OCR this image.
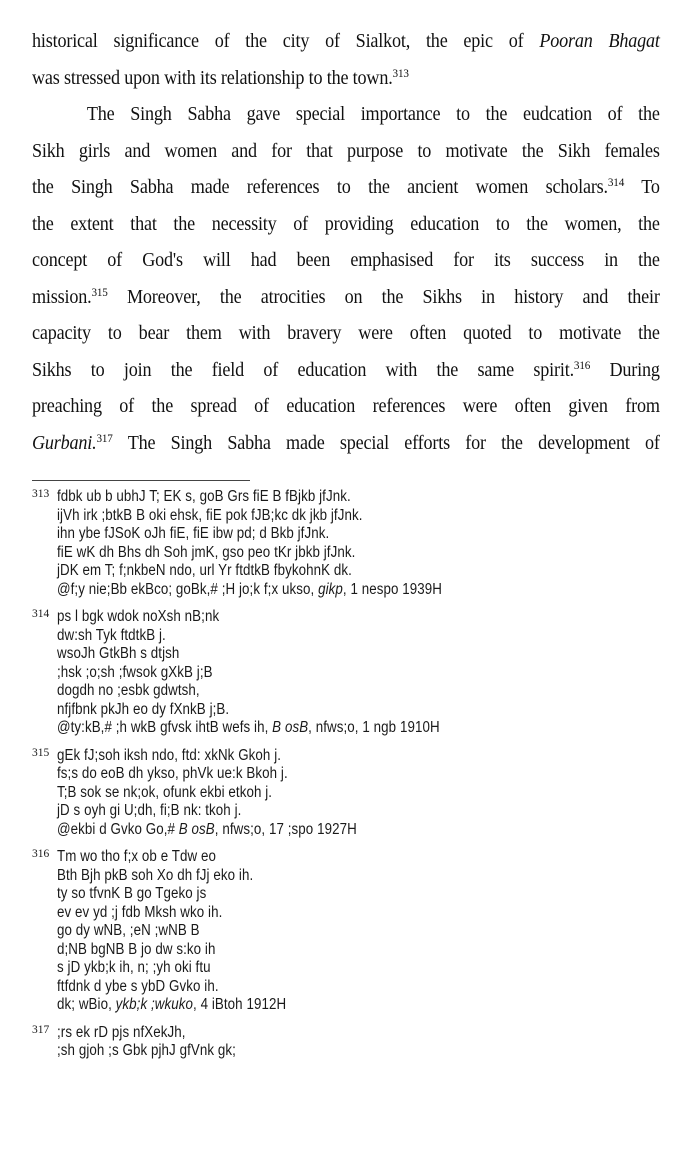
historical significance of the city of Sialkot, the epic of Pooran Bhagat
was stressed upon with its relationship to the town.$^{313}$
The Singh Sabha gave special importance to the eudcation of the
Sikh girls and women and for that purpose to motivate the Sikh females
the Singh Sabha made references to the ancient women scholars.$^{314}$ To
the extent that the necessity of providing education to the women, the
concept of God's will had been emphasised for its success in the
mission.$^{315}$ Moreover, the atrocities on the Sikhs in history and their
capacity to bear them with bravery were often quoted to motivate the
Sikhs to join the field of education with the same spirit.$^{316}$ During
preaching of the spread of education references were often given from
Gurbani.$^{317}$ The Singh Sabha made special efforts for the development of
313 fdbk ub b ubhJ T; EK s, goB Grs fiE B fBjkb jfJnk.
ijVh irk ;btkB B oki ehsk, fiE pok fJB;kc dk jkb jfJnk.
ihn ybe fJSoK oJh fiE, fiE ibw pd; d Bkb jfJnk.
fiE wK dh Bhs dh Soh jmK, gso peo tKr jbkb jfJnk.
jDK em T; f;nkbeN ndo, url Yr ftdtkB fbykohnK dk.
@f;y nie;Bb ekBco; goBk,# ;H jo;k f;x ukso, gikp, 1 nespo 1939H
314 ps l bgk wdok noXsh nB;nk
dw:sh Tyk ftdtkB j.
wsoJh GtkBh s dtjsh
;hsk ;o;sh ;fwsok gXkB j;B
dogdh no ;esbk gdwtsh,
nfjfbnk pkJh eo dy fXnkB j;B.
@ty:kB,# ;h wkB gfvsk ihtB wefs ih, B osB, nfws;o, 1 ngb 1910H
315 gEk fJ;soh iksh ndo, ftd: xkNk Gkoh j.
fs;s do eoB dh ykso, phVk ue:k Bkoh j.
T;B sok se nk;ok, ofunk ekbi etkoh j.
jD s oyh gi U;dh, fi;B nk: tkoh j.
@ekbi d Gvko Go,# B osB, nfws;o, 17 ;spo 1927H
316 Tm wo tho f;x ob e Tdw eo
Bth Bjh pkB soh Xo dh fJj eko ih.
ty so tfvnK B go Tgeko js
ev ev yd ;j fdb Mksh wko ih.
go dy wNB, ;eN ;wNB B
d;NB bgNB B jo dw s:ko ih
s jD ykb;k ih, n; ;yh oki ftu
ftfdnk d ybe s ybD Gvko ih.
dk; wBio, ykb;k ;wkuko, 4 iBtoh 1912H
317 ;rs ek rD pjs nfXekJh,
;sh gjoh ;s Gbk pjhJ gfVnk gk;
